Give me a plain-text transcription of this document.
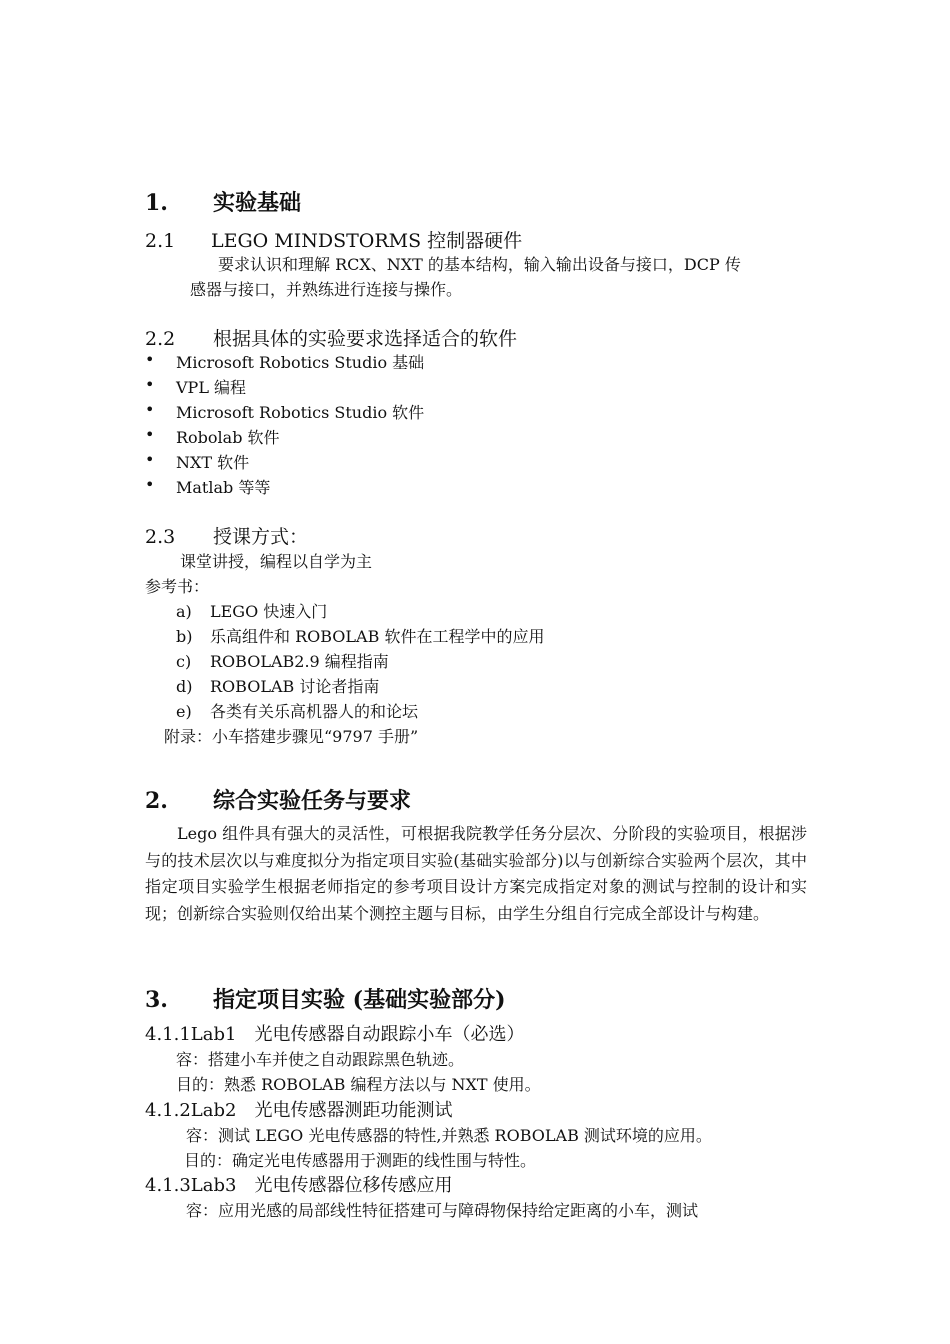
1. 实验基础
2.1 LEGO MINDSTORMS 控制器硬件
要求认识和理解 RCX、NXT 的基本结构，输入输出设备与接口，DCP 传
感器与接口，并熟练进行连接与操作。
2.2 根据具体的实验要求选择适合的软件
• Microsoft Robotics Studio 基础
• VPL 编程
• Microsoft Robotics Studio 软件
• Robolab 软件
• NXT 软件
• Matlab 等等
2.3 授课方式：
课堂讲授，编程以自学为主
参考书：
a) LEGO 快速入门
b) 乐高组件和 ROBOLAB 软件在工程学中的应用
c) ROBOLAB2.9 编程指南
d) ROBOLAB 讨论者指南
e) 各类有关乐高机器人的和论坛
附录：小车搭建步骤见“9797 手册”
2. 综合实验任务与要求
Lego 组件具有强大的灵活性，可根据我院教学任务分层次、分阶段的实验项目，根据涉与的技术层次以与难度拟分为指定项目实验(基础实验部分)以与创新综合实验两个层次，其中指定项目实验学生根据老师指定的参考项目设计方案完成指定对象的测试与控制的设计和实现；创新综合实验则仅给出某个测控主题与目标，由学生分组自行完成全部设计与构建。
3. 指定项目实验 (基础实验部分)
4.1.1Lab1　光电传感器自动跟踪小车（必选）
容：搭建小车并使之自动跟踪黑色轨迹。
目的：熟悉 ROBOLAB 编程方法以与 NXT 使用。
4.1.2Lab2　光电传感器测距功能测试
容：测试 LEGO 光电传感器的特性,并熟悉 ROBOLAB 测试环境的应用。
目的：确定光电传感器用于测距的线性围与特性。
4.1.3Lab3　光电传感器位移传感应用
容：应用光感的局部线性特征搭建可与障碍物保持给定距离的小车，测试
